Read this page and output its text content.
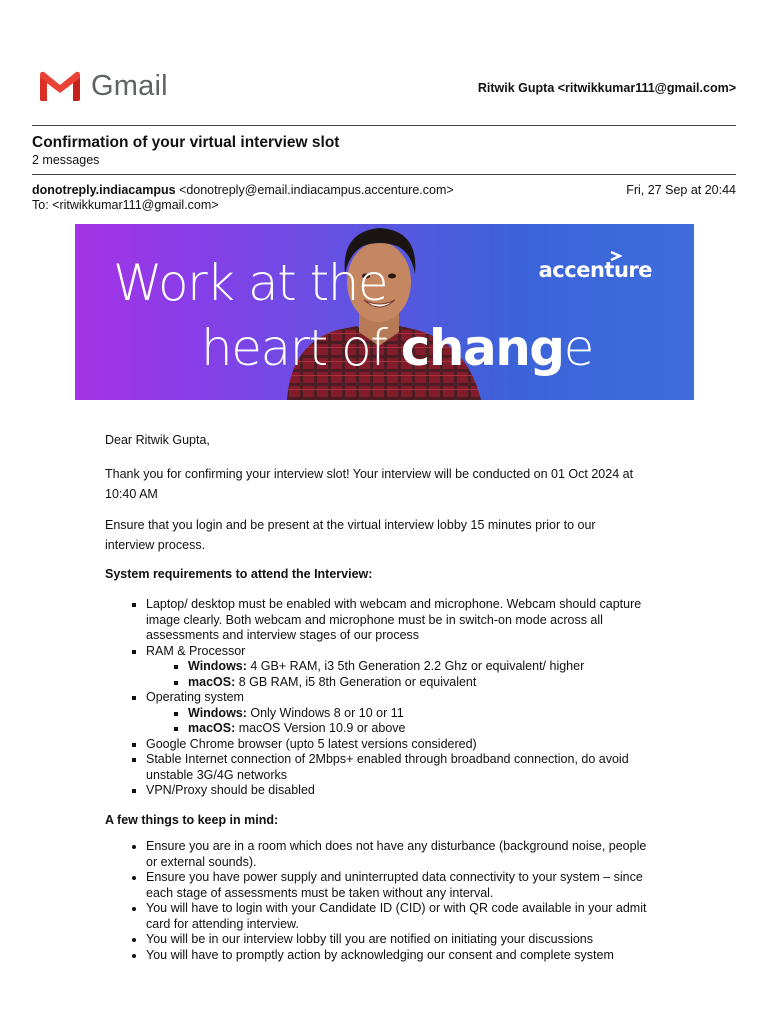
Gmail	Ritwik Gupta <ritwikkumar111@gmail.com>
Confirmation of your virtual interview slot
2 messages
donotreply.indiacampus <donotreply@email.indiacampus.accenture.com>	Fri, 27 Sep at 20:44
To: <ritwikkumar111@gmail.com>
Work at the
heart of change
accenture

Dear Ritwik Gupta,

Thank you for confirming your interview slot! Your interview will be conducted on 01 Oct 2024 at 10:40 AM

Ensure that you login and be present at the virtual interview lobby 15 minutes prior to our interview process.

System requirements to attend the Interview:

▪ Laptop/ desktop must be enabled with webcam and microphone. Webcam should capture image clearly. Both webcam and microphone must be in switch-on mode across all assessments and interview stages of our process
▪ RAM & Processor
▪ Windows: 4 GB+ RAM, i3 5th Generation 2.2 Ghz or equivalent/ higher
▪ macOS: 8 GB RAM, i5 8th Generation or equivalent
▪ Operating system
▪ Windows: Only Windows 8 or 10 or 11
▪ macOS: macOS Version 10.9 or above
▪ Google Chrome browser (upto 5 latest versions considered)
▪ Stable Internet connection of 2Mbps+ enabled through broadband connection, do avoid unstable 3G/4G networks
▪ VPN/Proxy should be disabled

A few things to keep in mind:

• Ensure you are in a room which does not have any disturbance (background noise, people or external sounds).
• Ensure you have power supply and uninterrupted data connectivity to your system – since each stage of assessments must be taken without any interval.
• You will have to login with your Candidate ID (CID) or with QR code available in your admit card for attending interview.
• You will be in our interview lobby till you are notified on initiating your discussions
• You will have to promptly action by acknowledging our consent and complete system
